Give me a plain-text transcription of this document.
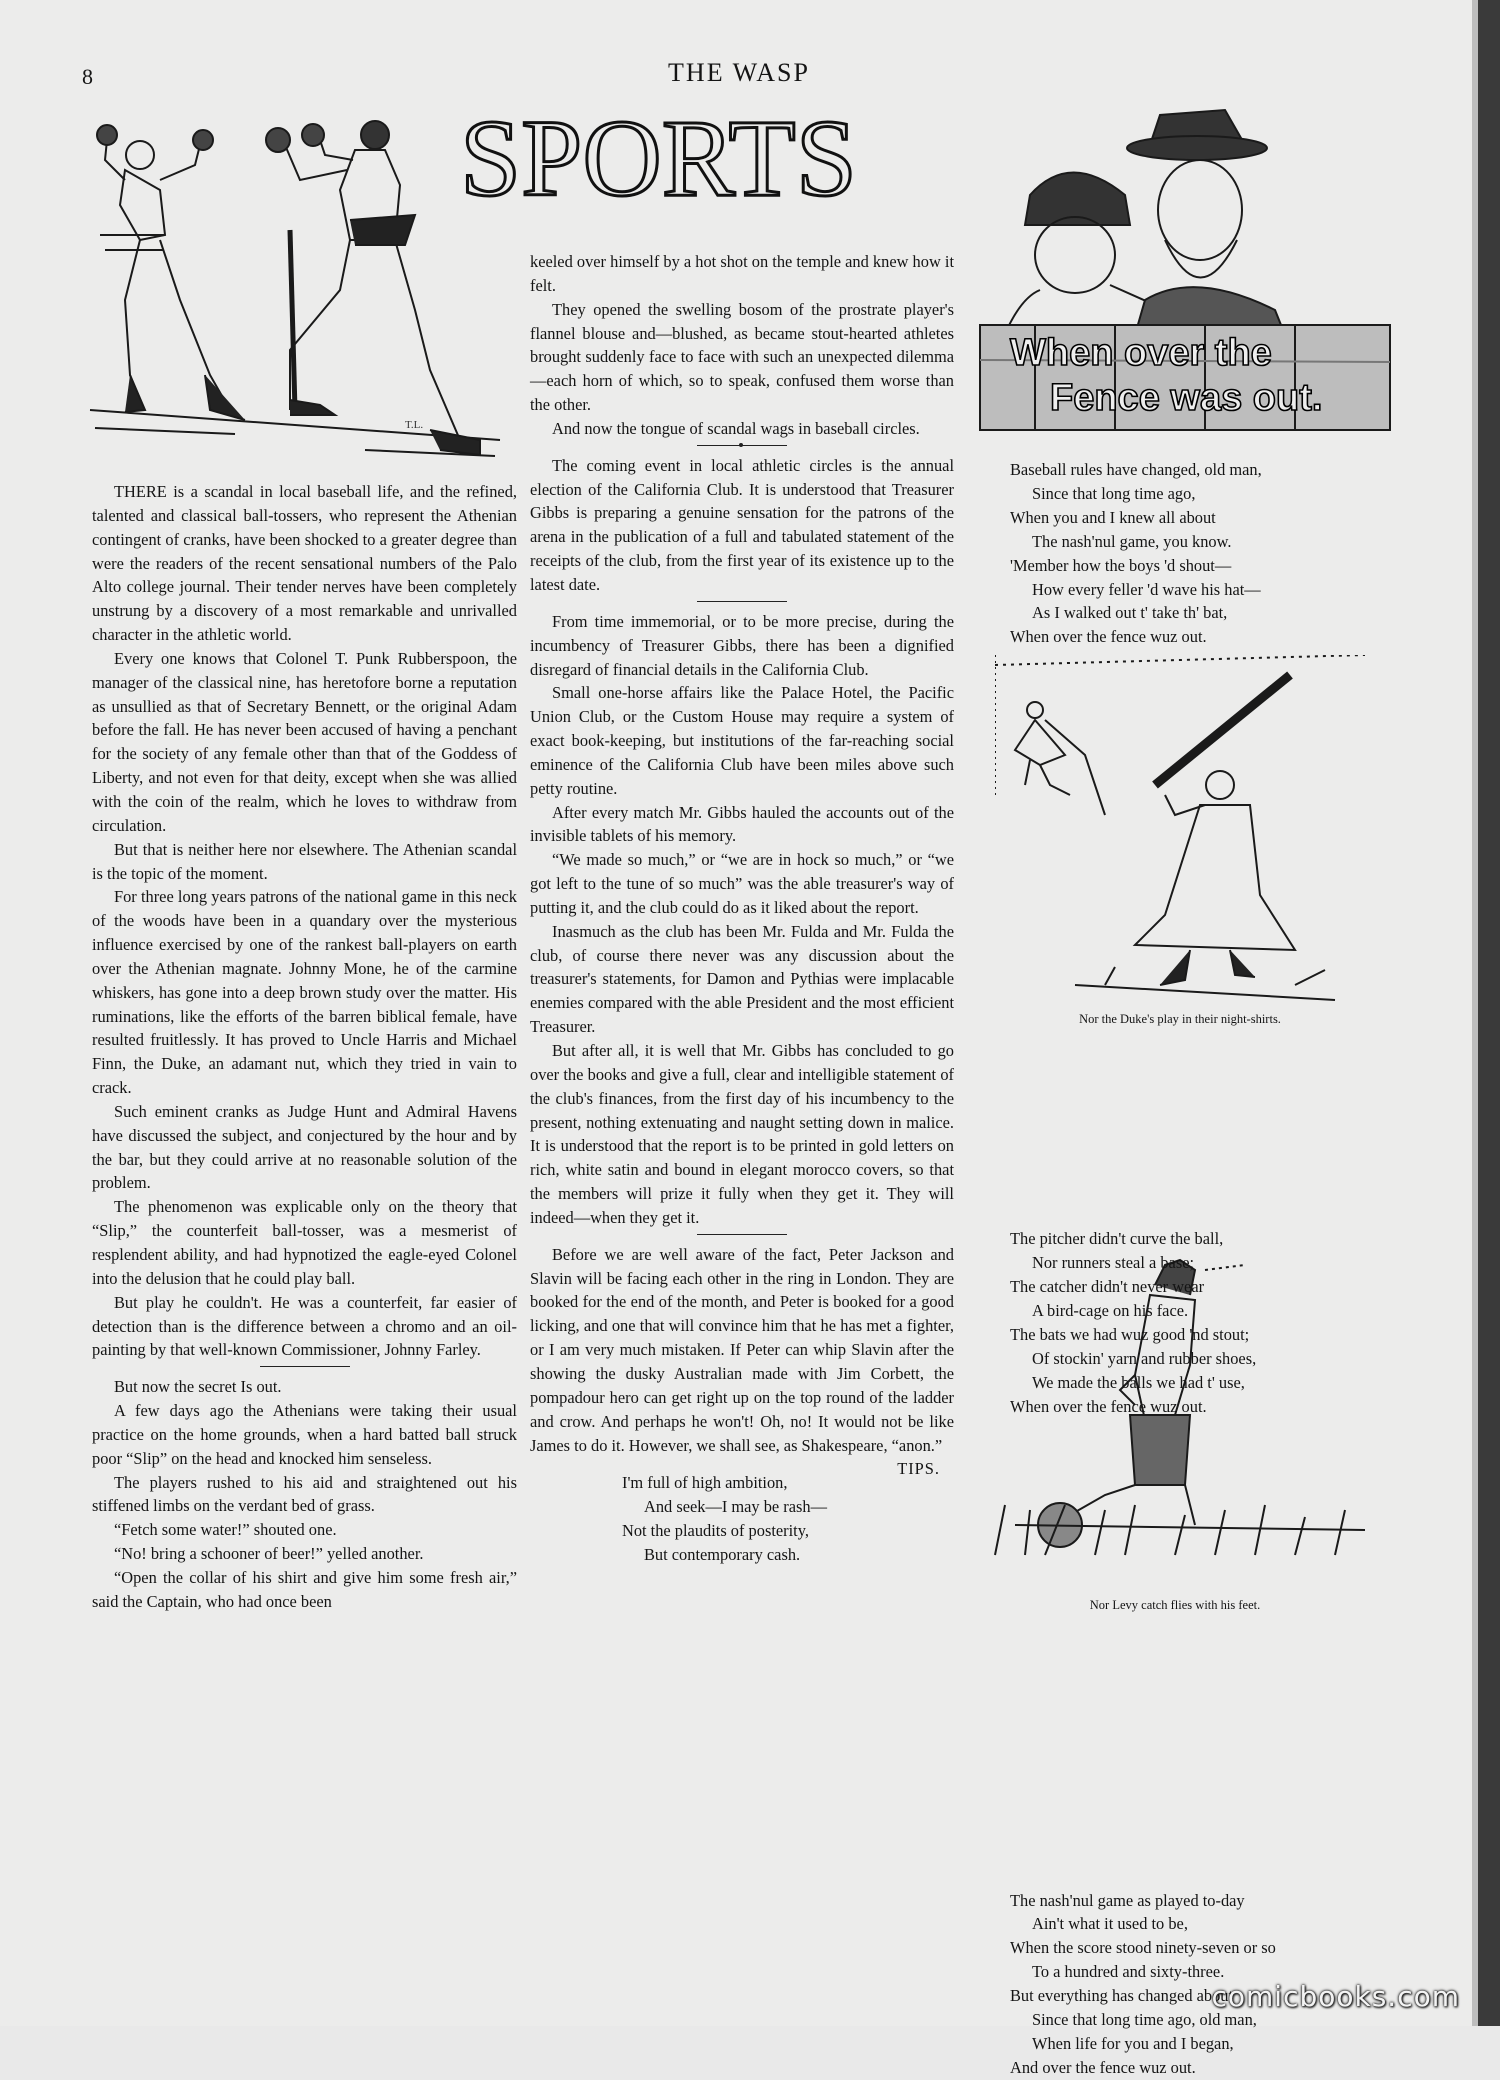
8	THE WASP
T.L.
SPORTS
When over the
Fence was out.
Nor the Duke's play in their night-shirts.
Nor Levy catch flies with his feet.

THERE is a scandal in local baseball life, and the refined, talented and classical ball-tossers, who represent the Athenian contingent of cranks, have been shocked to a greater degree than were the readers of the recent sensational numbers of the Palo Alto college journal. Their tender nerves have been completely unstrung by a discovery of a most remarkable and unrivalled character in the athletic world.

Every one knows that Colonel T. Punk Rubberspoon, the manager of the classical nine, has heretofore borne a reputation as unsullied as that of Secretary Bennett, or the original Adam before the fall. He has never been accused of having a penchant for the society of any female other than that of the Goddess of Liberty, and not even for that deity, except when she was allied with the coin of the realm, which he loves to withdraw from circulation.

But that is neither here nor elsewhere. The Athenian scandal is the topic of the moment.

For three long years patrons of the national game in this neck of the woods have been in a quandary over the mysterious influence exercised by one of the rankest ball-players on earth over the Athenian magnate. Johnny Mone, he of the carmine whiskers, has gone into a deep brown study over the matter. His ruminations, like the efforts of the barren biblical female, have resulted fruitlessly. It has proved to Uncle Harris and Michael Finn, the Duke, an adamant nut, which they tried in vain to crack.

Such eminent cranks as Judge Hunt and Admiral Havens have discussed the subject, and conjectured by the hour and by the bar, but they could arrive at no reasonable solution of the problem.

The phenomenon was explicable only on the theory that “Slip,” the counterfeit ball-tosser, was a mesmerist of resplendent ability, and had hypnotized the eagle-eyed Colonel into the delusion that he could play ball.

But play he couldn't. He was a counterfeit, far easier of detection than is the difference between a chromo and an oil-painting by that well-known Commissioner, Johnny Farley.

But now the secret Is out.

A few days ago the Athenians were taking their usual practice on the home grounds, when a hard batted ball struck poor “Slip” on the head and knocked him senseless.

The players rushed to his aid and straightened out his stiffened limbs on the verdant bed of grass.

“Fetch some water!” shouted one.

“No! bring a schooner of beer!” yelled another.

“Open the collar of his shirt and give him some fresh air,” said the Captain, who had once been

keeled over himself by a hot shot on the temple and knew how it felt.

They opened the swelling bosom of the prostrate player's flannel blouse and—blushed, as became stout-hearted athletes brought suddenly face to face with such an unexpected dilemma—each horn of which, so to speak, confused them worse than the other.

And now the tongue of scandal wags in baseball circles.

The coming event in local athletic circles is the annual election of the California Club. It is understood that Treasurer Gibbs is preparing a genuine sensation for the patrons of the arena in the publication of a full and tabulated statement of the receipts of the club, from the first year of its existence up to the latest date.

From time immemorial, or to be more precise, during the incumbency of Treasurer Gibbs, there has been a dignified disregard of financial details in the California Club.

Small one-horse affairs like the Palace Hotel, the Pacific Union Club, or the Custom House may require a system of exact book-keeping, but institutions of the far-reaching social eminence of the California Club have been miles above such petty routine.

After every match Mr. Gibbs hauled the accounts out of the invisible tablets of his memory.

“We made so much,” or “we are in hock so much,” or “we got left to the tune of so much” was the able treasurer's way of putting it, and the club could do as it liked about the report.

Inasmuch as the club has been Mr. Fulda and Mr. Fulda the club, of course there never was any discussion about the treasurer's statements, for Damon and Pythias were implacable enemies compared with the able President and the most efficient Treasurer.

But after all, it is well that Mr. Gibbs has concluded to go over the books and give a full, clear and intelligible statement of the club's finances, from the first day of his incumbency to the present, nothing extenuating and naught setting down in malice. It is understood that the report is to be printed in gold letters on rich, white satin and bound in elegant morocco covers, so that the members will prize it fully when they get it. They will indeed—when they get it.

Before we are well aware of the fact, Peter Jackson and Slavin will be facing each other in the ring in London. They are booked for the end of the month, and Peter is booked for a good licking, and one that will convince him that he has met a fighter, or I am very much mistaken. If Peter can whip Slavin after the showing the dusky Australian made with Jim Corbett, the pompadour hero can get right up on the top round of the ladder and crow. And perhaps he won't! Oh, no! It would not be like James to do it. However, we shall see, as Shakespeare, “anon.”
TIPS.

I'm full of high ambition,
And seek—I may be rash—
Not the plaudits of posterity,
But contemporary cash.
Baseball rules have changed, old man,
Since that long time ago,
When you and I knew all about
The nash'nul game, you know.
'Member how the boys 'd shout—
How every feller 'd wave his hat—
As I walked out t' take th' bat,
When over the fence wuz out.
The pitcher didn't curve the ball,
Nor runners steal a base;
The catcher didn't never wear
A bird-cage on his face.
The bats we had wuz good 'nd stout;
Of stockin' yarn and rubber shoes,
We made the balls we had t' use,
When over the fence wuz out.
The nash'nul game as played to-day
Ain't what it used to be,
When the score stood ninety-seven or so
To a hundred and sixty-three.
But everything has changed about
Since that long time ago, old man,
When life for you and I began,
And over the fence wuz out.
comicbooks.com
